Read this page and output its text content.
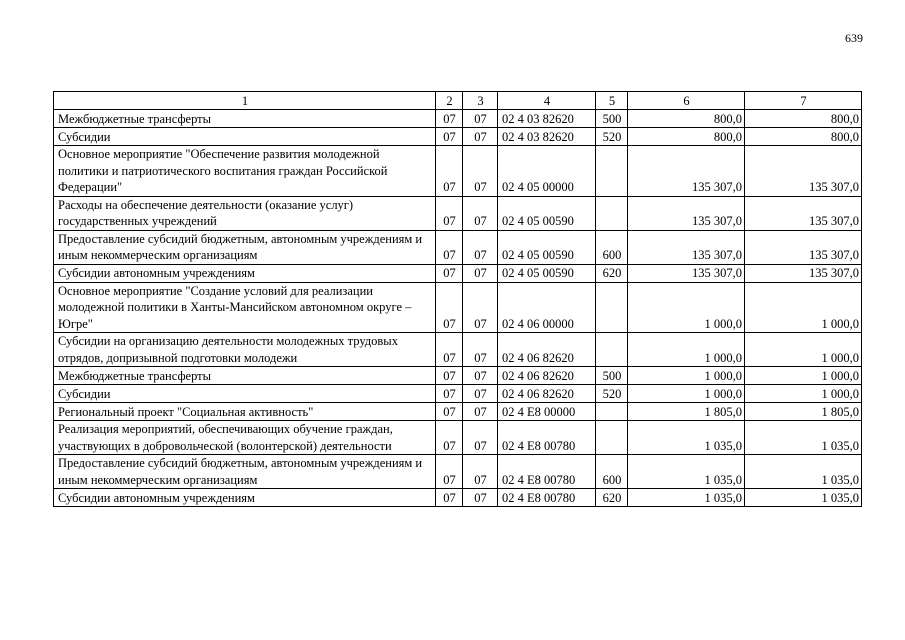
639
1	2	3	4	5	6	7
Межбюджетные трансферты	07	07	02 4 03 82620	500	800,0	800,0
Субсидии	07	07	02 4 03 82620	520	800,0	800,0
Основное мероприятие "Обеспечение развития молодежной политики и патриотического воспитания граждан Российской Федерации"	07	07	02 4 05 00000		135 307,0	135 307,0
Расходы на обеспечение деятельности (оказание услуг) государственных учреждений	07	07	02 4 05 00590		135 307,0	135 307,0
Предоставление субсидий бюджетным, автономным учреждениям и иным некоммерческим организациям	07	07	02 4 05 00590	600	135 307,0	135 307,0
Субсидии автономным учреждениям	07	07	02 4 05 00590	620	135 307,0	135 307,0
Основное мероприятие "Создание условий для реализации молодежной политики в Ханты-Мансийском автономном округе – Югре"	07	07	02 4 06 00000		1 000,0	1 000,0
Субсидии на организацию деятельности молодежных трудовых отрядов, допризывной подготовки молодежи	07	07	02 4 06 82620		1 000,0	1 000,0
Межбюджетные трансферты	07	07	02 4 06 82620	500	1 000,0	1 000,0
Субсидии	07	07	02 4 06 82620	520	1 000,0	1 000,0
Региональный проект "Социальная активность"	07	07	02 4 E8 00000		1 805,0	1 805,0
Реализация мероприятий, обеспечивающих обучение граждан, участвующих в добровольческой (волонтерской) деятельности	07	07	02 4 E8 00780		1 035,0	1 035,0
Предоставление субсидий бюджетным, автономным учреждениям и иным некоммерческим организациям	07	07	02 4 E8 00780	600	1 035,0	1 035,0
Субсидии автономным учреждениям	07	07	02 4 E8 00780	620	1 035,0	1 035,0
